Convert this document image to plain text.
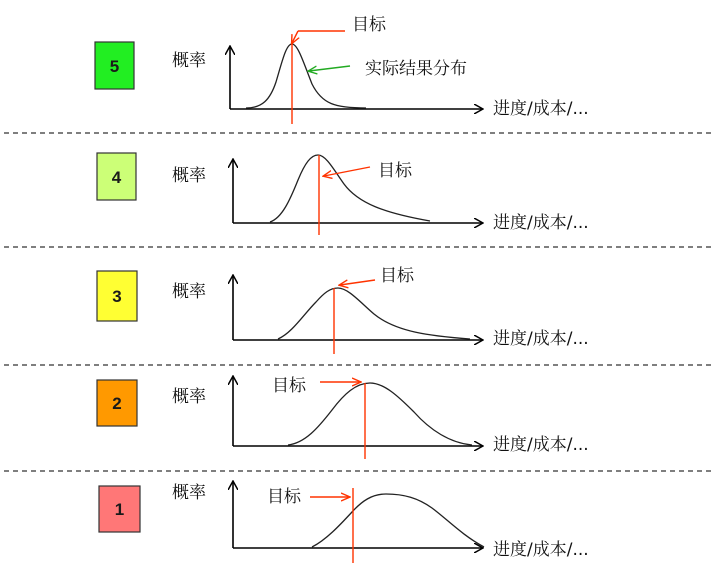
5	概率
进度/成本/...
目标
实际结果分布
4	概率
进度/成本/...
目标
3	概率
进度/成本/...
目标
2	概率
进度/成本/...
目标
1
概率
进度/成本/...
目标
